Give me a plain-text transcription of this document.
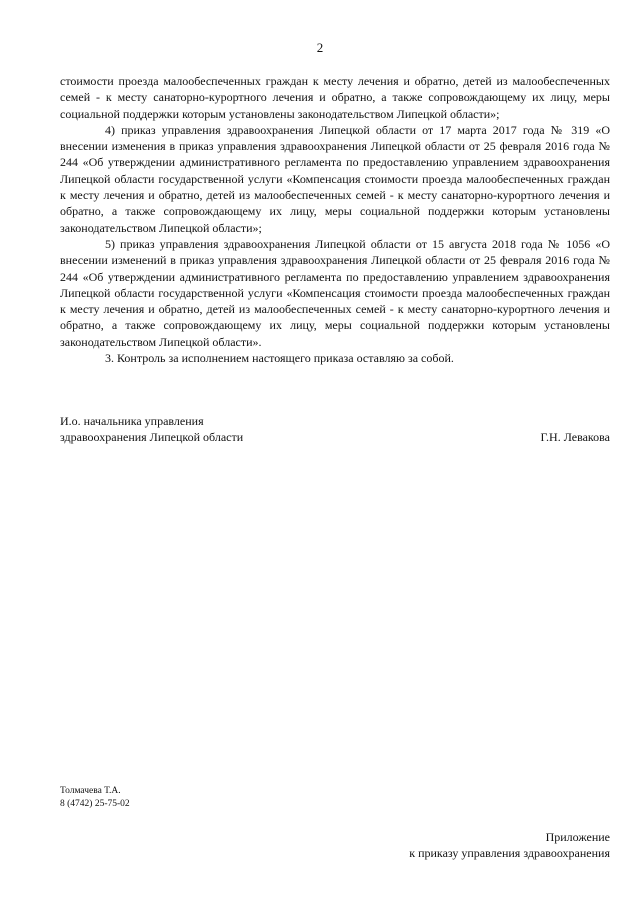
2

стоимости проезда малообеспеченных граждан к месту лечения и обратно, детей из малообеспеченных семей - к месту санаторно-курортного лечения и обратно, а также сопровождающему их лицу, меры социальной поддержки которым установлены законодательством Липецкой области»;

4) приказ управления здравоохранения Липецкой области от 17 марта 2017 года № 319 «О внесении изменения в приказ управления здравоохранения Липецкой области от 25 февраля 2016 года № 244 «Об утверждении административного регламента по предоставлению управлением здравоохранения Липецкой области государственной услуги «Компенсация стоимости проезда малообеспеченных граждан к месту лечения и обратно, детей из малообеспеченных семей - к месту санаторно-курортного лечения и обратно, а также сопровождающему их лицу, меры социальной поддержки которым установлены законодательством Липецкой области»;

5) приказ управления здравоохранения Липецкой области от 15 августа 2018 года № 1056 «О внесении изменений в приказ управления здравоохранения Липецкой области от 25 февраля 2016 года № 244 «Об утверждении административного регламента по предоставлению управлением здравоохранения Липецкой области государственной услуги «Компенсация стоимости проезда малообеспеченных граждан к месту лечения и обратно, детей из малообеспеченных семей - к месту санаторно-курортного лечения и обратно, а также сопровождающему их лицу, меры социальной поддержки которым установлены законодательством Липецкой области».

3. Контроль за исполнением настоящего приказа оставляю за собой.

И.о. начальника управления
здравоохранения Липецкой области	Г.Н. Левакова
Толмачева Т.А.
8 (4742) 25-75-02
Приложение
к приказу управления здравоохранения
